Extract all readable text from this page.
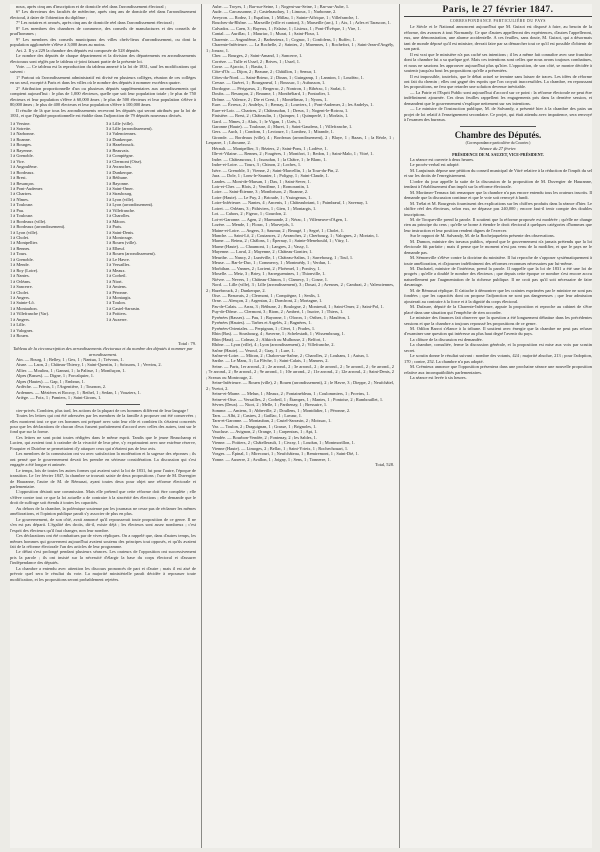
noux, après cinq ans d'inscription et de domicile réel dans l'arrondissement électoral ;

6° Les directeurs des facultés de médecine, après cinq ans de domicile réel dans l'arrondissement électoral, à dater de l'obtention du diplôme ;

7° Les notaires et avoués, après cinq ans de domicile réel dans l'arrondissement électoral ;

8° Les membres des chambres de commerce, des conseils de manufactures et des conseils de prud'hommes ;

9° Les membres des conseils municipaux des villes chefs-lieux d'arrondissement, ou dont la population agglomérée s'élève à 3,000 âmes au moins.

Art. 2. Il y a 229 la chambre des députés est composée de 528 députés.

Le nombre des députés de chaque département et la division des départements en arrondissements électoraux sont réglés par le tableau ci-joint faisant partie de la présente loi.

Vote. — Ce tableau est la reproduction du tableau annexé à la loi de 1831, sauf les modifications qui suivent :

1° Partout où l'arrondissement administratif est divisé en plusieurs collèges, réunion de ces collèges en un seul, excepté à Paris et dans les villes où le nombre des députés à nommer excédera quatre.

2° Attribution proportionnelle d'un ou plusieurs députés supplémentaires aux arrondissements qui comptent aujourd'hui : le plus de 1,000 électeurs, quelle que soit leur population totale ; le plus de 750 électeurs et leur population s'élève à 60,000 âmes ; le plus de 500 électeurs et leur population s'élève à 80,000 âmes ; le plus de 400 électeurs et leur population s'élève à 100,000 âmes.

Il résulte de là que tous les arrondissements recevront les députés qui seront attribués par la loi de 1831, et que l'égalité proportionnelle est établie dans l'adjonction de 79 députés nouveaux divisés.

1 à Versine.
1 à Sotrette.
1 à Narbonne.
1 à Roanne.
1 à Bourges.
1 à Rayenne.
1 à Grenoble.
1 à Vire.
1 à Angoulême.
1 à Bordeaux.
1 à Brest.
1 à Besançon.
1 à Pont-Audemer.
1 à Chartres.
1 à Nîmes.
1 à Toulouse.
1 à Pau.
1 à Toulouse.
1 à Bordeaux (ville).
1 à Bordeaux (arrondissement).
1 à Lyon (ville).
1 à Cholet.
1 à Montpellier.
1 à Rennes.
1 à Tours.
1 à Grenoble.
1 à Mende.
1 à Roy (Loire).
1 à Nantes.
1 à Orléans.
1 à Sancerre.
1 à Cholet.
1 à Angers.
1 à Sainte-Lô.
1 à Montaubon.
1 à Villefranche (Var).
1 à Angers.
1 à Lille.
1 à Valognes.
1 à Rouen.
3 à Lille (ville).
3 à Lille (arrondissement).
1 à Valenciennes.
1 à Dunkerque.
1 à Hazebrouck.
1 à Beauvais.
1 à Compiègne.
1 à Clermont (Oise).
1 à Avranches.
1 à Dunkerque.
1 à Béthune.
1 à Bayonne.
1 à Saint-Omer.
1 à Strasbourg.
1 à Lyon (ville).
1 à Lyon (arrondissement).
1 à Villefranche.
1 à Charolles.
1 à Mâcon.
1 à Paris.
1 à Saint-Denis.
1 à Montrouge.
1 à Rouen (ville).
1 à Elbeuf.
1 à Rouen (arrondissement).
1 à Le Havre.
1 à Versailles.
1 à Meaux.
1 à Corbeil.
1 à Niort.
1 à Amiens.
1 à Péronne.
1 à Montargis.
1 à Toulon.
1 à Castel-Sarrasin.
1 à Poitiers.
1 à Auxerre.

Total : 79.

Tableau de la circonscription des arrondissements électoraux et du nombre des députés à nommer par arrondissement.

Ain. — Bourg, 1 ; Belley, 1 ; Gex, 1 ; Nantua, 1 ; Trévoux, 1.

Aisne. — Laon, 2 ; Château-Thierry, 1 ; Saint-Quentin, 1 ; Soissons, 1 ; Vervins, 2.

Allier. — Moulins, 1 ; Gannat, 1 ; la Palisse, 1 ; Montluçon, 1.

Alpes (Basses). — Digne, 1 ; Forcalquier, 1.

Alpes (Hautes). — Gap, 1 ; Embrun, 1.

Ardèche. — Privas, 1 ; l'Argentière, 1 ; Tournon, 2.

Ardennes. — Mézières et Rocroy, 1 ; Rethel, 1 ; Sedan, 1 ; Vouziers, 1.

Ariège. — Foix, 1 ; Pamiers, 1 ; Saint-Girons, 1.

cier-privés. Combien, plus tard, les actions de la plupart de ces hommes différent de leur langage !

Toutes les lettres qui ont été adressées par les membres de la famille à proposer ont été conservées ; elles montrent tout ce que ces hommes ont préparé avec soin leur rôle et combien ils s'étaient concertés pour que les déclarations de chacun d'eux fussent parfaitement d'accord avec celles des autres, tant sur le fond que sur la forme.

Ces lettres ne sont point toutes rédigées dans le même esprit. Tandis que le jeune Beauchamp et Lucien, qui avaient tout à craindre de la vivacité de leur père, s'y exprimaient avec une extrême réserve, Fouquier et Dutrône se permettaient d'y attaquer ceux qui n'étaient pas de leur avis.

Les membres de la commission ont vu avec satisfaction la modération et la sagesse des réponses ; ils ont pensé que le gouvernement devait les prendre en sérieuse considération. La discussion qui s'est engagée a été longue et animée.

Le temps, lois de toutes les autres formes qui avaient suivi la loi de 1831, fut pour l'autre, l'époque de transition. Le 1er février 1847, la chambre se trouvait saisie de deux propositions ; l'une de M. Duvergier de Hauranne, l'autre de M. de Rémusat, ayant toutes deux pour objet une réforme électorale et parlementaire.

L'opposition désirait une commission. Mais elle prétend que cette réforme doit être complète ; elle s'élève contre tout ce que la loi actuelle a de contraire à la sincérité des élections ; elle demande que le droit de suffrage soit étendu à toutes les capacités.

Au dehors de la chambre, la polémique soutenue par les journaux ne cesse pas de réclamer les mêmes améliorations, et l'opinion publique paraît s'y associer de plus en plus.

Le gouvernement, de son côté, avait annoncé qu'il repousserait toute proposition de ce genre. Il ne s'en est pas départi. L'égalité des droits, dit-il, existe déjà ; les électeurs sont assez nombreux ; c'est l'esprit des électeurs qu'il faut changer, non leur nombre.

Ces déclarations ont été combattues par de vives répliques. On a rappelé que, dans d'autres temps, les mêmes hommes qui gouvernent aujourd'hui avaient soutenu des principes tout opposés, et qu'ils avaient fait de la réforme électorale l'un des articles de leur programme.

Le débat s'est prolongé pendant plusieurs séances. Les orateurs de l'opposition ont successivement pris la parole ; ils ont insisté sur la nécessité d'élargir la base du corps électoral et d'assurer l'indépendance des députés.

La chambre a entendu avec attention les discours prononcés de part et d'autre ; mais il est aisé de prévoir quel sera le résultat du vote. La majorité ministérielle paraît décidée à repousser toute modification, et les propositions seront probablement rejetées.

Aube. — Troyes, 1 ; Bar-sur-Seine, 1 ; Nogent-sur-Seine, 1 ; Bar-sur-Aube, 1.

Aude. — Carcassonne, 2 ; Castelnaudary, 1 ; Limoux, 1 ; Narbonne, 2.

Aveyron. — Rodez, 1 ; Espalion, 1 ; Millau, 1 ; Sainte-Affrique, 1 ; Villefranche, 1.

Bouches-du-Rhône. — Marseille (ville et canton), 3 ; Marseille (arr.), 1 ; Aix, 1 ; Arles et Tarascon, 1.

Calvados. — Caen, 3 ; Bayeux, 1 ; Falaise, 1 ; Lisieux, 1 ; Pont-l'Évêque, 1 ; Vire, 1.

Cantal. — Aurillac, 1 ; Mauriac, 1 ; Murat, 1 ; Saint-Flour, 1.

Charente. — Angoulême, 2 ; Barbezieux, 1 ; Cognac, 1 ; Confolens, 1 ; Ruffec, 1.

Charente-Inférieure. — La Rochelle, 2 ; Saintes, 2 ; Marennes, 1 ; Rochefort, 1 ; Saint-Jean-d'Angély, 1 ; Jonzac, 1.

Cher. — Bourges, 2 ; Saint-Amand, 1 ; Sancerre, 1.

Corrèze. — Tulle et Ussel, 2 ; Brives, 1 ; Ussel, 1.

Corse. — Ajaccio, 1 ; Bastia, 1.

Côte-d'Or. — Dijon, 2 ; Beaune, 2 ; Châtillon, 1 ; Semur, 1.

Côtes-du-Nord. — Saint-Brieuc, 2 ; Dinan, 1 ; Guingamp, 1 ; Lannion, 1 ; Loudéac, 1.

Creuse. — Guéret, 1 ; Bourganeuf, 1 ; Boussac, 1 ; Aubusson, 1.

Dordogne. — Périgueux, 2 ; Bergerac, 2 ; Nontron, 1 ; Ribérac, 1 ; Sarlat, 1.

Doubs. — Besançon, 2 ; Beaume, 1 ; Montbéliard, 1 ; Pontarlier, 1.

Drôme. — Valence, 2 ; Die et Crest, 1 ; Montélimar, 1 ; Nyons, 1.

Eure. — Évreux, 2 ; Andelys, 1 ; Bernay, 2 ; Louviers, 1 ; Pont-Audemer, 2 ; les Andelys, 1.

Eure-et-Loir. — Chartres, 2 ; Châteaudun, 1 ; Dreux, 1 ; Nogent-le-Rotrou, 1.

Finistère. — Brest, 2 ; Châteaulin, 1 ; Quimper, 1 ; Quimperlé, 1 ; Morlaix, 1.

Gard. — Nîmes, 2 ; Alais, 1 ; le Vigan, 1 ; Uzès, 1.

Garonne (Haute). — Toulouse, 4 ; Muret, 1 ; Saint-Gaudens, 1 ; Villefranche, 1.

Gers. — Auch, 1 ; Condom, 1 ; Lectoure, 1 ; Lombez, 1 ; Mirande, 1.

Gironde. — Bordeaux (ville), 4 ; Bordeaux (arrondissement), 2 ; Blaye, 1 ; Bazas, 1 ; la Réole, 1 ; Lesparre, 1 ; Libourne, 2.

Hérault. — Montpellier, 3 ; Béziers, 2 ; Saint-Pons, 1 ; Lodève, 1.

Ille-et-Vilaine. — Rennes, 2 ; Fougères, 1 ; Montfort, 1 ; Redon, 1 ; Saint-Malo, 1 ; Vitré, 1.

Indre. — Châteauroux, 1 ; Issoudun, 1 ; la Châtre, 1 ; le Blanc, 1.

Indre-et-Loire. — Tours, 3 ; Chinon, 2 ; Loches, 1.

Isère. — Grenoble, 3 ; Vienne, 2 ; Saint-Marcellin, 1 ; la Tour-du-Pin, 2.

Jura. — Dole, 1 ; Lons-le-Saunier, 1 ; Poligny, 1 ; Saint-Claude, 1.

Landes. — Mont-de-Marsan, 1 ; Dax, 1 ; Saint-Sever, 1.

Loir-et-Cher. — Blois, 2 ; Vendôme, 1 ; Romorantin, 1.

Loire. — Saint-Étienne, 3 ; Montbrison, 2 ; Roanne, 2.

Loire (Haute). — Le Puy, 2 ; Brioude, 1 ; Yssingeaux, 1.

Loire-Inférieure. — Nantes, 4 ; Ancenis, 1 ; Châteaubriant, 1 ; Paimbœuf, 1 ; Savenay, 1.

Loiret. — Orléans, 3 ; Pithiviers, 1 ; Gien, 1 ; Montargis, 1.

Lot. — Cahors, 2 ; Figeac, 1 ; Gourdon, 2.

Lot-et-Garonne. — Agen, 2 ; Marmande, 2 ; Nérac, 1 ; Villeneuve-d'Agen, 1.

Lozère. — Mende, 1 ; Florac, 1 ; Marvejols, 1.

Maine-et-Loire. — Angers, 3 ; Saumur, 2 ; Beaugé, 1 ; Segré, 1 ; Cholet, 1.

Manche. — Saint-Lô, 2 ; Coutances, 2 ; Avranches, 2 ; Cherbourg, 1 ; Valognes, 2 ; Mortain, 1.

Marne. — Reims, 2 ; Châlons, 1 ; Épernay, 1 ; Sainte-Menehould, 1 ; Vitry, 1.

Marne (Haute). — Chaumont, 1 ; Langres, 2 ; Vassy, 1.

Mayenne. — Laval, 2 ; Mayenne, 2 ; Château-Gontier, 1.

Meurthe. — Nancy, 2 ; Lunéville, 1 ; Château-Salins, 1 ; Sarrebourg, 1 ; Toul, 1.

Meuse. — Bar-le-Duc, 1 ; Commercy, 1 ; Montmédy, 1 ; Verdun, 1.

Morbihan. — Vannes, 2 ; Lorient, 2 ; Ploërmel, 1 ; Pontivy, 1.

Moselle. — Metz, 3 ; Briey, 1 ; Sarreguemines, 1 ; Thionville, 1.

Nièvre. — Nevers, 1 ; Château-Chinon, 1 ; Clamecy, 1 ; Cosne, 1.

Nord. — Lille (ville), 3 ; Lille (arrondissement), 3 ; Douai, 2 ; Avesnes, 2 ; Cambrai, 2 ; Valenciennes, 2 ; Hazebrouck, 2 ; Dunkerque, 2.

Oise. — Beauvais, 2 ; Clermont, 1 ; Compiègne, 1 ; Senlis, 1.

Orne. — Alençon, 2 ; Argentan, 2 ; Domfront, 2 ; Mortagne, 1.

Pas-de-Calais. — Arras, 3 ; Béthune, 2 ; Boulogne, 2 ; Montreuil, 1 ; Saint-Omer, 2 ; Saint-Pol, 1.

Puy-de-Dôme. — Clermont, 3 ; Riom, 2 ; Ambert, 1 ; Issoire, 1 ; Thiers, 1.

Pyrénées (Basses). — Pau, 1 ; Bayonne, 1 ; Oloron, 1 ; Orthez, 1 ; Mauléon, 1.

Pyrénées (Hautes). — Tarbes et Argelès, 2 ; Bagnères, 1.

Pyrénées-Orientales. — Perpignan, 1 ; Céret, 1 ; Prades, 1.

Rhin (Bas). — Strasbourg, 4 ; Saverne, 1 ; Schelestadt, 1 ; Wissembourg, 1.

Rhin (Haut). — Colmar, 2 ; Altkirch ou Mulhouse, 2 ; Belfort, 1.

Rhône. — Lyon (ville), 4 ; Lyon (arrondissement), 2 ; Villefranche, 2.

Saône (Haute). — Vesoul, 2 ; Gray, 1 ; Lure, 1.

Saône-et-Loire. — Mâcon, 2 ; Chalon-sur-Saône, 2 ; Charolles, 2 ; Louhans, 1 ; Autun, 1.

Sarthe. — Le Mans, 3 ; La Flèche, 1 ; Saint-Calais, 1 ; Mamers, 2.

Seine. — Paris, 1er arrond., 2 ; 2e arrond., 2 ; 3e arrond., 2 ; 4e arrond., 2 ; 5e arrond., 2 ; 6e arrond., 2 ; 7e arrond., 2 ; 8e arrond., 2 ; 9e arrond., 1 ; 10e arrond., 2 ; 11e arrond., 2 ; 12e arrond., 2 ; Saint-Denis, 2 ; Sceaux ou Montrouge, 2.

Seine-Inférieure. — Rouen (ville), 2 ; Rouen (arrondissement), 2 ; le Havre, 3 ; Dieppe, 2 ; Neufchâtel, 2 ; Yvetot, 2.

Seine-et-Marne. — Melun, 1 ; Meaux, 2 ; Fontainebleau, 1 ; Coulommiers, 1 ; Provins, 1.

Seine-et-Oise. — Versailles, 2 ; Corbeil, 1 ; Étampes, 1 ; Mantes, 1 ; Pontoise, 2 ; Rambouillet, 1.

Sèvres (Deux). — Niort, 2 ; Melle, 1 ; Parthenay, 1 ; Bressuire, 1.

Somme. — Amiens, 3 ; Abbeville, 2 ; Doullens, 1 ; Montdidier, 1 ; Péronne, 2.

Tarn. — Albi, 2 ; Castres, 2 ; Gaillac, 1 ; Lavaur, 1.

Tarn-et-Garonne. — Montauban, 2 ; Castel-Sarrasin, 2 ; Moissac, 1.

Var. — Toulon, 2 ; Draguignan, 1 ; Grasse, 1 ; Brignoles, 1.

Vaucluse. — Avignon, 2 ; Orange, 1 ; Carpentras, 1 ; Apt, 1.

Vendée. — Bourbon-Vendée, 2 ; Fontenay, 2 ; les Sables, 1.

Vienne. — Poitiers, 2 ; Châtellerault, 1 ; Civray, 1 ; Loudun, 1 ; Montmorillon, 1.

Vienne (Haute). — Limoges, 2 ; Bellac, 1 ; Saint-Yrieix, 1 ; Rochechouart, 1.

Vosges. — Épinal, 1 ; Mirecourt, 1 ; Neufchâteau, 1 ; Remiremont, 1 ; Saint-Dié, 1.

Yonne. — Auxerre, 2 ; Avallon, 1 ; Joigny, 1 ; Sens, 1 ; Tonnerre, 1.

Total, 528.

Paris, le 27 février 1847.

CORRESPONDANCE PARTICULIÈRE DU PAYS

Le Siècle et le National annoncent aujourd'hui que M. Guizot est disposé à faire, au besoin de la réforme, des avances à tout Normandy. Ce que d'autres appelleront des expériences, d'autres l'appelleront, eux, une démonstration, une alarme accidentelle. A ces feuilles, sans doute, M. Guizot, qui a désormais tant de monde déposé qu'il est ministre, devrait faire par sa démarcher tout ce qu'il est possible d'obtenir de son parti.

Il est vrai que le ministère n'a pas caché ses intentions ; il les a même fait connaître avec une franchise dont la chambre lui a su quelque gré. Mais ces intentions sont celles que nous avons toujours combattues, et nous ne saurions les approuver aujourd'hui plus qu'hier. L'opposition, de son côté, se montre décidée à soutenir jusqu'au bout les propositions qu'elle a présentées.

Il est impossible, toutefois, que le débat actuel se termine sans laisser de traces. Les idées de réforme ont fait du chemin ; elles ont gagné des esprits que l'on croyait inaccessibles. La chambre, en repoussant les propositions, ne fera que retarder une solution devenue inévitable.

— La Patrie et l'Esprit Public sont aujourd'hui d'accord sur ce point : la réforme électorale ne peut être indéfiniment ajournée. Ces deux feuilles rappellent les engagements pris dans la dernière session, et demandent que le gouvernement s'explique nettement sur ses intentions.

— Le ministre de l'instruction publique, M. de Salvandy, a présenté hier à la chambre des pairs un projet de loi relatif à l'enseignement secondaire. Ce projet, qui était attendu avec impatience, sera renvoyé à l'examen des bureaux.

Chambre des Députés.

(Correspondance particulière du Courrier.)

Séance du 27 février.

PRÉSIDENCE DE M. SAUZET, VICE-PRÉSIDENT.

La séance est ouverte à deux heures.

Le procès-verbal est adopté.

M. Lanjuinais dépose une pétition du conseil municipal de Vitré relative à la réduction de l'impôt du sel et sur les droits de l'enregistrement.

L'ordre du jour appelle la suite de la discussion de la proposition de M. Duvergier de Hauranne, tendant à l'établissement d'un impôt sur la réforme électorale.

M. Mortimer-Ternaux fait remarquer que la chambre n'a pas encore entendu tous les orateurs inscrits. Il demande que la discussion continue et que le vote soit renvoyé à lundi.

M. Trélat et M. Bourgeois fournissent des explications sur les chiffres produits dans la séance d'hier. Le chiffre réel des électeurs, selon eux, ne dépasse pas 240,000 ; encore faut-il tenir compte des doubles inscriptions.

M. de Tocqueville prend la parole. Il soutient que la réforme proposée est modérée ; qu'elle ne change rien au principe du cens ; qu'elle se borne à étendre le droit électoral à quelques catégories d'hommes que leur instruction et leur position rendent dignes de l'exercer.

Sur le rapport de M. Salvandy, M. de la Rochejaquelein présente des observations.

M. Dumon, ministre des travaux publics, répond que le gouvernement n'a jamais prétendu que la loi électorale fût parfaite ; mais il pense que le moment n'est pas venu de la modifier, et que le pays ne le demande pas.

M. Sémonville s'élève contre la doctrine du ministère. Il lui reproche de s'opposer systématiquement à toute amélioration, et d'ajourner indéfiniment des réformes reconnues nécessaires par lui-même.

M. Duchatel, ministre de l'intérieur, prend la parole. Il rappelle que la loi de 1831 a été une loi de progrès ; qu'elle a doublé le nombre des électeurs ; que depuis cette époque ce nombre s'est encore accru naturellement par l'augmentation de la richesse publique. Il ne croit pas qu'il soit nécessaire de faire davantage.

M. de Rémusat réplique. Il s'attache à démontrer que les craintes exprimées par le ministre ne sont pas fondées ; que les capacités dont on propose l'adjonction ne sont pas dangereuses ; que leur admission ajouterait au contraire à la force et à la dignité du corps électoral.

M. Dufaure, député de la Charente-Inférieure, appuie la proposition et reproche au cabinet de s'être placé dans une situation qui l'empêche de rien accorder.

Le ministre des finances fait observer que la question a été longuement débattue dans les précédentes sessions et que la chambre a toujours repoussé les propositions de ce genre.

M. Odilon Barrot s'élance à la tribune. Il soutient avec énergie que la chambre ne peut pas refuser d'examiner une question qui intéresse au plus haut degré l'avenir du pays.

La clôture de la discussion est demandée.

La chambre, consultée, ferme la discussion générale, et la proposition est mise aux voix par scrutin secret.

Le scrutin donne le résultat suivant : nombre des votants, 424 ; majorité absolue, 213 ; pour l'adoption, 170 ; contre, 252. La chambre n'a pas adopté.

M. Crémieux annonce que l'opposition présentera dans une prochaine séance une nouvelle proposition relative aux incompatibilités parlementaires.

La séance est levée à six heures.
